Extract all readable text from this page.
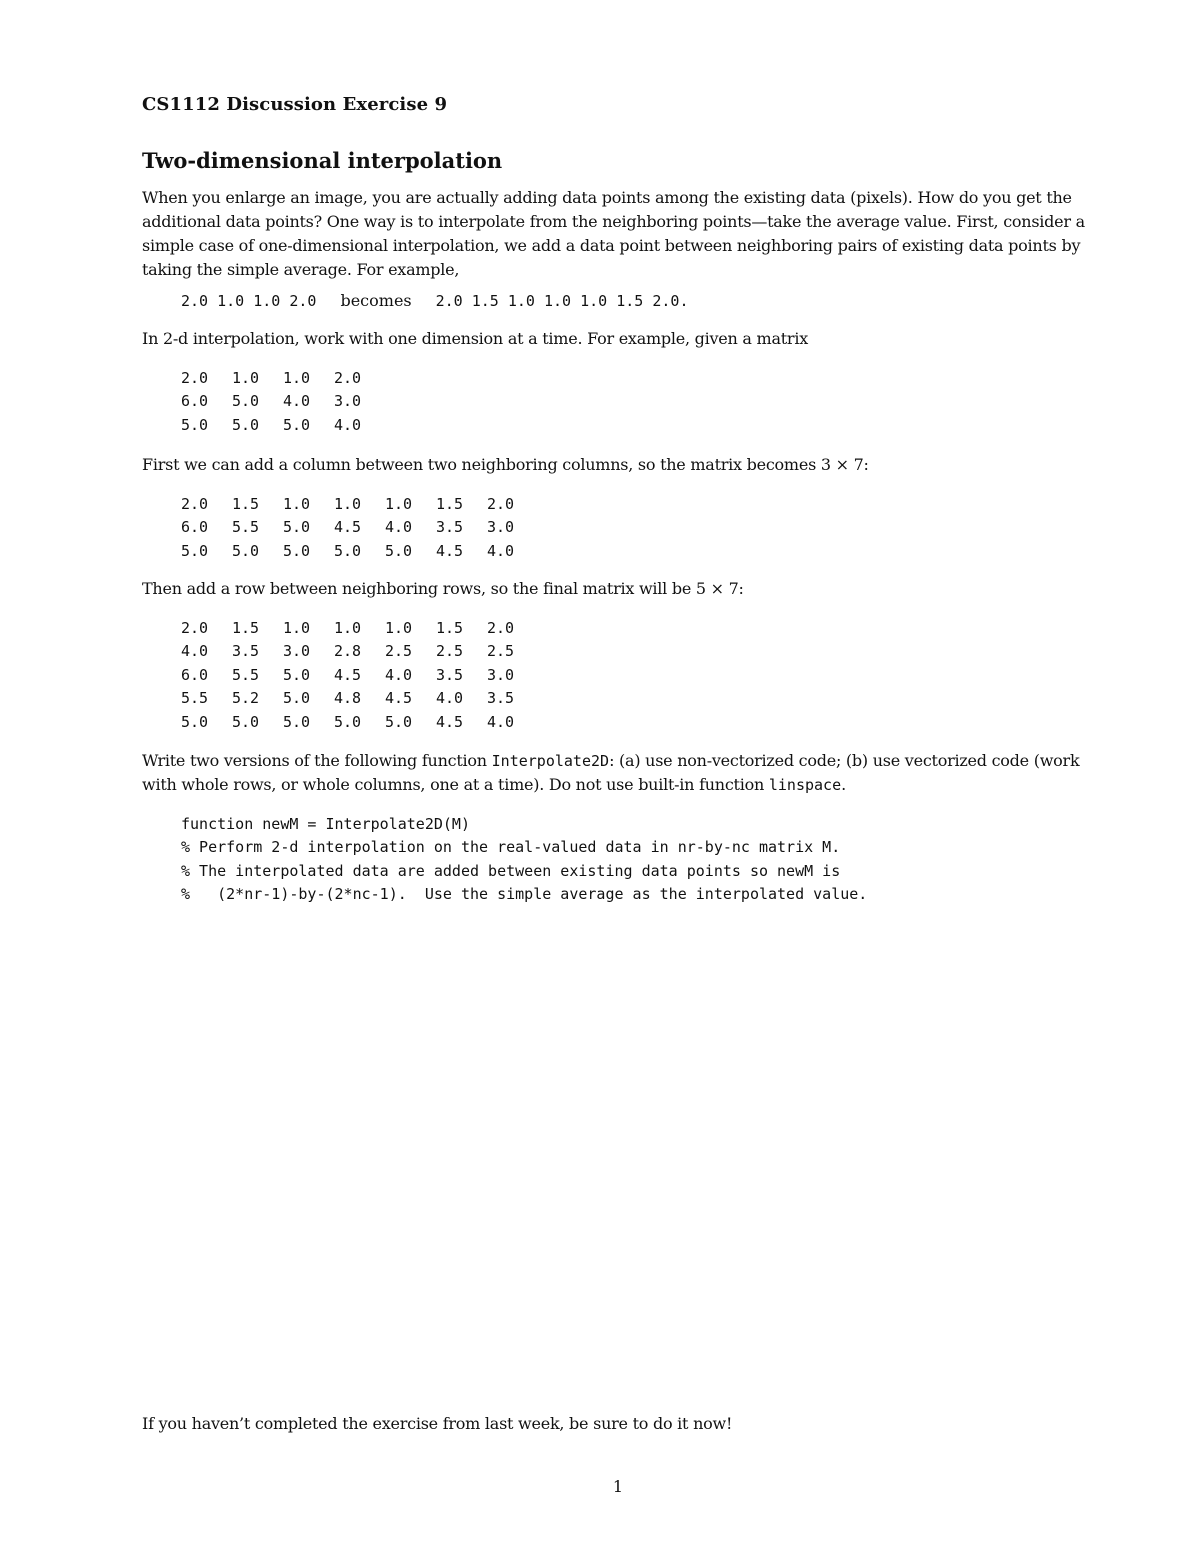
CS1112 Discussion Exercise 9
Two-dimensional interpolation

When you enlarge an image, you are actually adding data points among the existing data (pixels). How do you get the additional data points? One way is to interpolate from the neighboring points—take the average value. First, consider a simple case of one-dimensional interpolation, we add a data point between neighboring pairs of existing data points by taking the simple average. For example,

2.0 1.0 1.0 2.0 becomes 2.0 1.5 1.0 1.0 1.0 1.5 2.0.

In 2-d interpolation, work with one dimension at a time. For example, given a matrix

2.0 1.0 1.0 2.0
6.0 5.0 4.0 3.0
5.0 5.0 5.0 4.0

First we can add a column between two neighboring columns, so the matrix becomes 3 × 7:

2.0 1.5 1.0 1.0 1.0 1.5 2.0
6.0 5.5 5.0 4.5 4.0 3.5 3.0
5.0 5.0 5.0 5.0 5.0 4.5 4.0

Then add a row between neighboring rows, so the final matrix will be 5 × 7:

2.0 1.5 1.0 1.0 1.0 1.5 2.0
4.0 3.5 3.0 2.8 2.5 2.5 2.5
6.0 5.5 5.0 4.5 4.0 3.5 3.0
5.5 5.2 5.0 4.8 4.5 4.0 3.5
5.0 5.0 5.0 5.0 5.0 4.5 4.0

Write two versions of the following function Interpolate2D: (a) use non-vectorized code; (b) use vectorized code (work with whole rows, or whole columns, one at a time). Do not use built-in function linspace.

function newM = Interpolate2D(M)
% Perform 2-d interpolation on the real-valued data in nr-by-nc matrix M.
% The interpolated data are added between existing data points so newM is
%   (2*nr-1)-by-(2*nc-1).  Use the simple average as the interpolated value.
If you haven’t completed the exercise from last week, be sure to do it now!
1
